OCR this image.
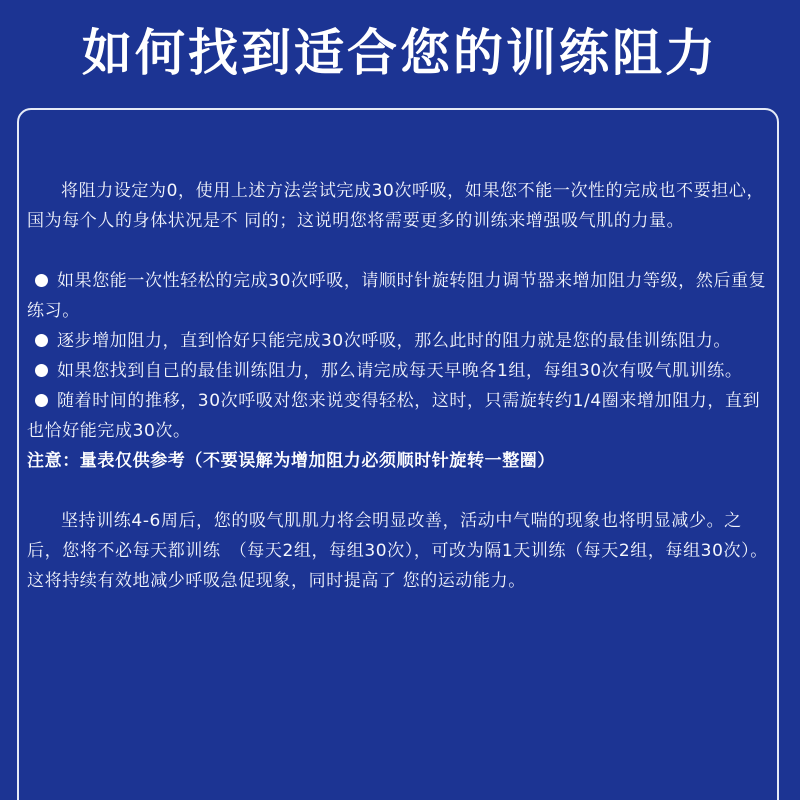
如何找到适合您的训练阻力

将阻力设定为0，使用上述方法尝试完成30次呼吸，如果您不能一次性的完成也不要担心，国为每个人的身体状况是不 同的；这说明您将需要更多的训练来增强吸气肌的力量。

如果您能一次性轻松的完成30次呼吸，请顺时针旋转阻力调节器来增加阻力等级，然后重复练习。

逐步增加阻力，直到恰好只能完成30次呼吸，那么此时的阻力就是您的最佳训练阻力。

如果您找到自己的最佳训练阻力，那么请完成每天早晚各1组，每组30次有吸气肌训练。

随着时间的推移，30次呼吸对您来说变得轻松，这时，只需旋转约1/4圈来增加阻力，直到也恰好能完成30次。

注意：量表仅供参考（不要误解为增加阻力必须顺时针旋转一整圈）

坚持训练4-6周后，您的吸气肌肌力将会明显改善，活动中气喘的现象也将明显减少。之后，您将不必每天都训练　（每天2组，每组30次），可改为隔1天训练（每天2组，每组30次）。这将持续有效地减少呼吸急促现象，同时提高了 您的运动能力。
